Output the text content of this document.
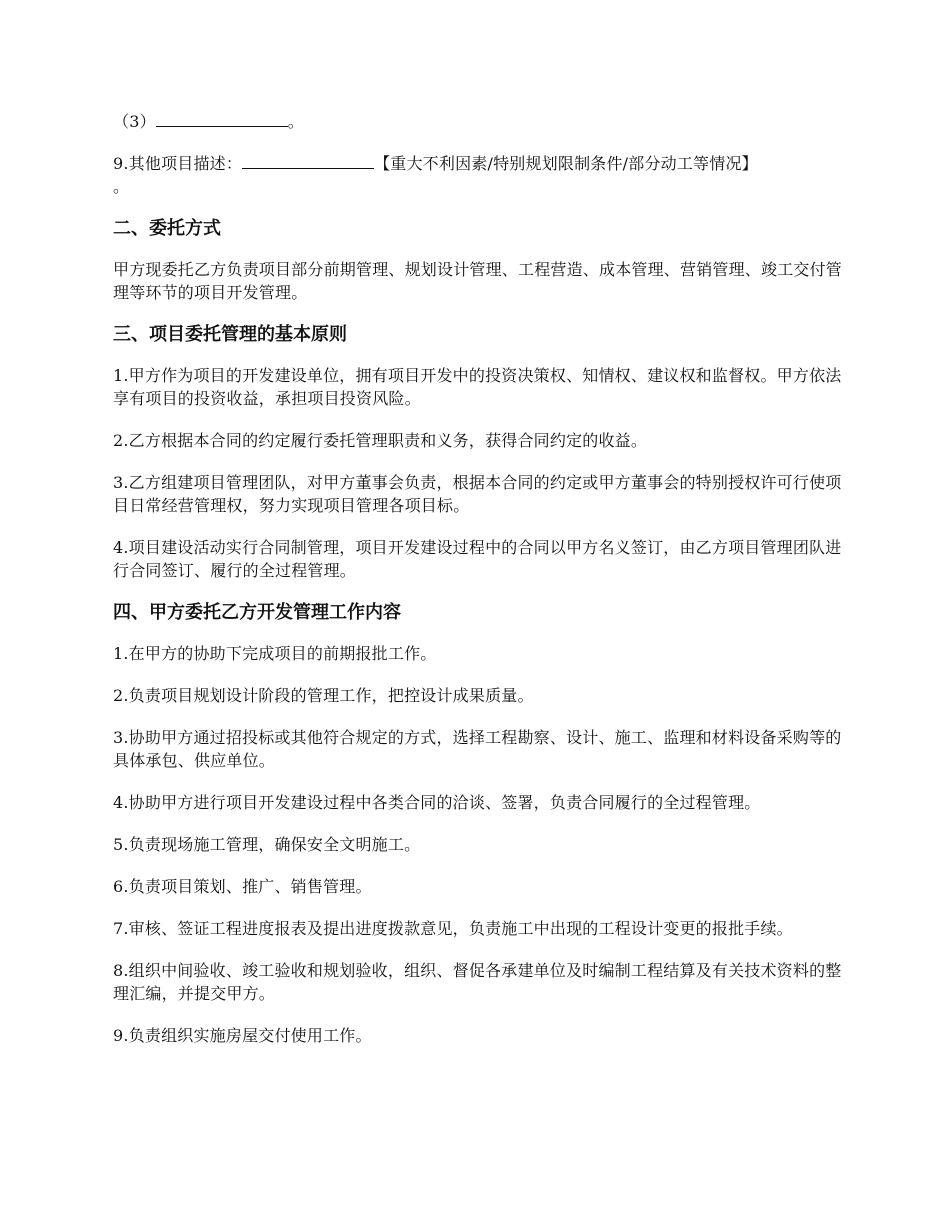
（3）	。

9.其他项目描述：	【重大不利因素/特别规划限制条件/部分动工等情况】
。

二、委托方式

甲方现委托乙方负责项目部分前期管理、规划设计管理、工程营造、成本管理、营销管理、竣工交付管理等环节的项目开发管理。

三、项目委托管理的基本原则

1.甲方作为项目的开发建设单位，拥有项目开发中的投资决策权、知情权、建议权和监督权。甲方依法享有项目的投资收益，承担项目投资风险。

2.乙方根据本合同的约定履行委托管理职责和义务，获得合同约定的收益。

3.乙方组建项目管理团队，对甲方董事会负责，根据本合同的约定或甲方董事会的特别授权许可行使项目日常经营管理权，努力实现项目管理各项目标。

4.项目建设活动实行合同制管理，项目开发建设过程中的合同以甲方名义签订，由乙方项目管理团队进行合同签订、履行的全过程管理。

四、甲方委托乙方开发管理工作内容

1.在甲方的协助下完成项目的前期报批工作。

2.负责项目规划设计阶段的管理工作，把控设计成果质量。

3.协助甲方通过招投标或其他符合规定的方式，选择工程勘察、设计、施工、监理和材料设备采购等的具体承包、供应单位。

4.协助甲方进行项目开发建设过程中各类合同的洽谈、签署，负责合同履行的全过程管理。

5.负责现场施工管理，确保安全文明施工。

6.负责项目策划、推广、销售管理。

7.审核、签证工程进度报表及提出进度拨款意见，负责施工中出现的工程设计变更的报批手续。

8.组织中间验收、竣工验收和规划验收，组织、督促各承建单位及时编制工程结算及有关技术资料的整理汇编，并提交甲方。

9.负责组织实施房屋交付使用工作。
